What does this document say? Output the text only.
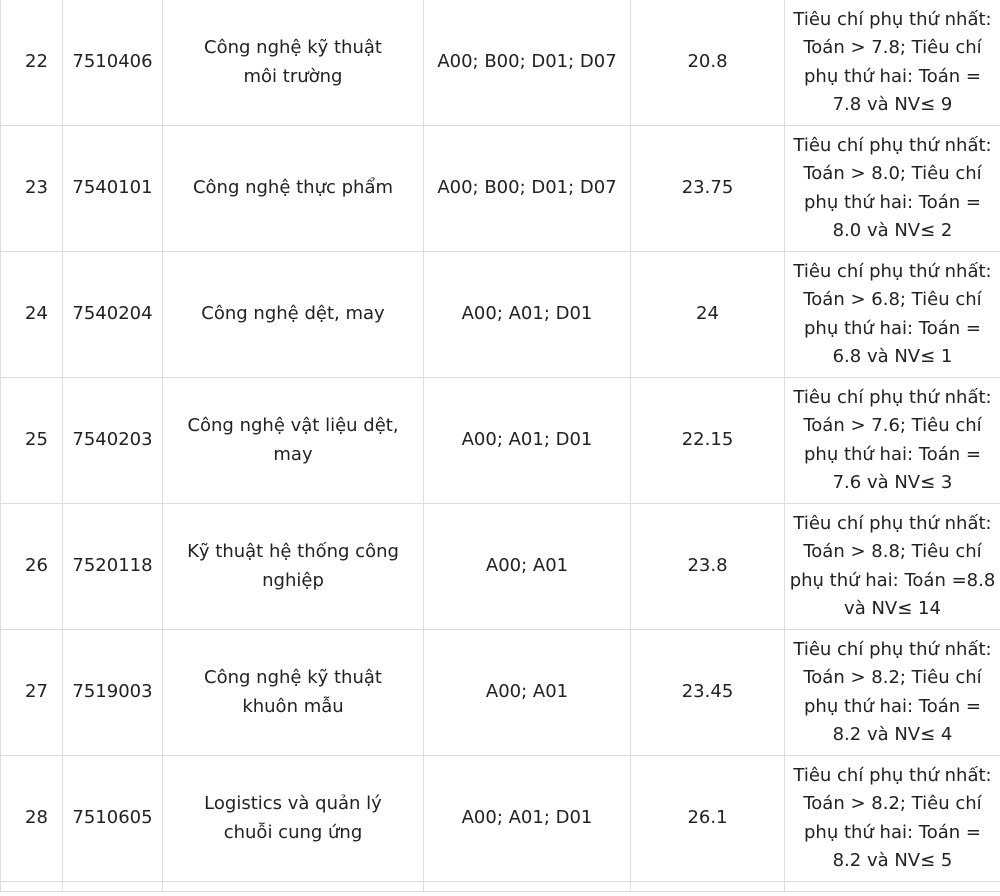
22	7510406	Công nghệ kỹ thuật môi trường	A00; B00; D01; D07	20.8	Tiêu chí phụ thứ nhất: Toán > 7.8; Tiêu chí phụ thứ hai: Toán = 7.8 và NV≤ 9
23	7540101	Công nghệ thực phẩm	A00; B00; D01; D07	23.75	Tiêu chí phụ thứ nhất: Toán > 8.0; Tiêu chí phụ thứ hai: Toán = 8.0 và NV≤ 2
24	7540204	Công nghệ dệt, may	A00; A01; D01	24	Tiêu chí phụ thứ nhất: Toán > 6.8; Tiêu chí phụ thứ hai: Toán = 6.8 và NV≤ 1
25	7540203	Công nghệ vật liệu dệt, may	A00; A01; D01	22.15	Tiêu chí phụ thứ nhất: Toán > 7.6; Tiêu chí phụ thứ hai: Toán = 7.6 và NV≤ 3
26	7520118	Kỹ thuật hệ thống công nghiệp	A00; A01	23.8	Tiêu chí phụ thứ nhất: Toán > 8.8; Tiêu chí phụ thứ hai: Toán =8.8 và NV≤ 14
27	7519003	Công nghệ kỹ thuật khuôn mẫu	A00; A01	23.45	Tiêu chí phụ thứ nhất: Toán > 8.2; Tiêu chí phụ thứ hai: Toán = 8.2 và NV≤ 4
28	7510605	Logistics và quản lý chuỗi cung ứng	A00; A01; D01	26.1	Tiêu chí phụ thứ nhất: Toán > 8.2; Tiêu chí phụ thứ hai: Toán = 8.2 và NV≤ 5
